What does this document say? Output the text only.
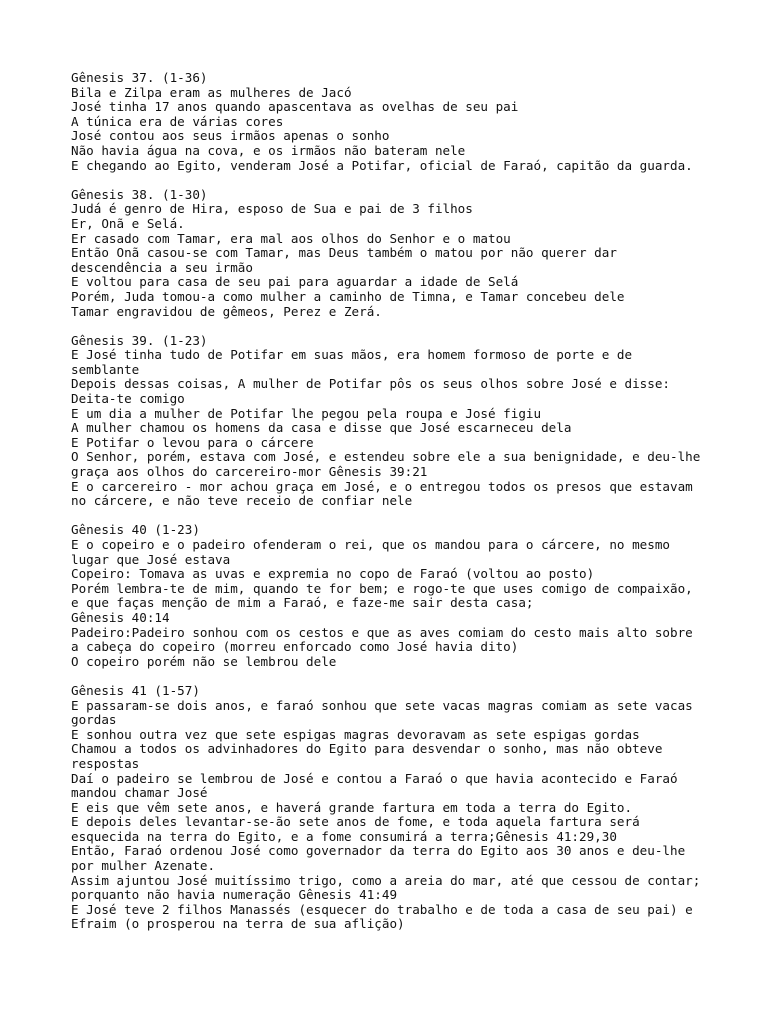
Gênesis 37. (1-36)
Bila e Zilpa eram as mulheres de Jacó
José tinha 17 anos quando apascentava as ovelhas de seu pai
A túnica era de várias cores
José contou aos seus irmãos apenas o sonho
Não havia água na cova, e os irmãos não bateram nele
E chegando ao Egito, venderam José a Potifar, oficial de Faraó, capitão da guarda.
Gênesis 38. (1-30)
Judá é genro de Hira, esposo de Sua e pai de 3 filhos
Er, Onã e Selá.
Er casado com Tamar, era mal aos olhos do Senhor e o matou
Então Onã casou-se com Tamar, mas Deus também o matou por não querer dar
descendência a seu irmão
E voltou para casa de seu pai para aguardar a idade de Selá
Porém, Juda tomou-a como mulher a caminho de Timna, e Tamar concebeu dele
Tamar engravidou de gêmeos, Perez e Zerá.
Gênesis 39. (1-23)
E José tinha tudo de Potifar em suas mãos, era homem formoso de porte e de
semblante
Depois dessas coisas, A mulher de Potifar pôs os seus olhos sobre José e disse:
Deita-te comigo
E um dia a mulher de Potifar lhe pegou pela roupa e José figiu
A mulher chamou os homens da casa e disse que José escarneceu dela
E Potifar o levou para o cárcere
O Senhor, porém, estava com José, e estendeu sobre ele a sua benignidade, e deu-lhe
graça aos olhos do carcereiro-mor Gênesis 39:21
E o carcereiro - mor achou graça em José, e o entregou todos os presos que estavam
no cárcere, e não teve receio de confiar nele
Gênesis 40 (1-23)
E o copeiro e o padeiro ofenderam o rei, que os mandou para o cárcere, no mesmo
lugar que José estava
Copeiro: Tomava as uvas e expremia no copo de Faraó (voltou ao posto)
Porém lembra-te de mim, quando te for bem; e rogo-te que uses comigo de compaixão,
e que faças menção de mim a Faraó, e faze-me sair desta casa;
Gênesis 40:14
Padeiro:Padeiro sonhou com os cestos e que as aves comiam do cesto mais alto sobre
a cabeça do copeiro (morreu enforcado como José havia dito)
O copeiro porém não se lembrou dele
Gênesis 41 (1-57)
E passaram-se dois anos, e faraó sonhou que sete vacas magras comiam as sete vacas
gordas
E sonhou outra vez que sete espigas magras devoravam as sete espigas gordas
Chamou a todos os advinhadores do Egito para desvendar o sonho, mas não obteve
respostas
Daí o padeiro se lembrou de José e contou a Faraó o que havia acontecido e Faraó
mandou chamar José
E eis que vêm sete anos, e haverá grande fartura em toda a terra do Egito.
E depois deles levantar-se-ão sete anos de fome, e toda aquela fartura será
esquecida na terra do Egito, e a fome consumirá a terra;Gênesis 41:29,30
Então, Faraó ordenou José como governador da terra do Egito aos 30 anos e deu-lhe
por mulher Azenate.
Assim ajuntou José muitíssimo trigo, como a areia do mar, até que cessou de contar;
porquanto não havia numeração Gênesis 41:49
E José teve 2 filhos Manassés (esquecer do trabalho e de toda a casa de seu pai) e
Efraim (o prosperou na terra de sua aflição)
